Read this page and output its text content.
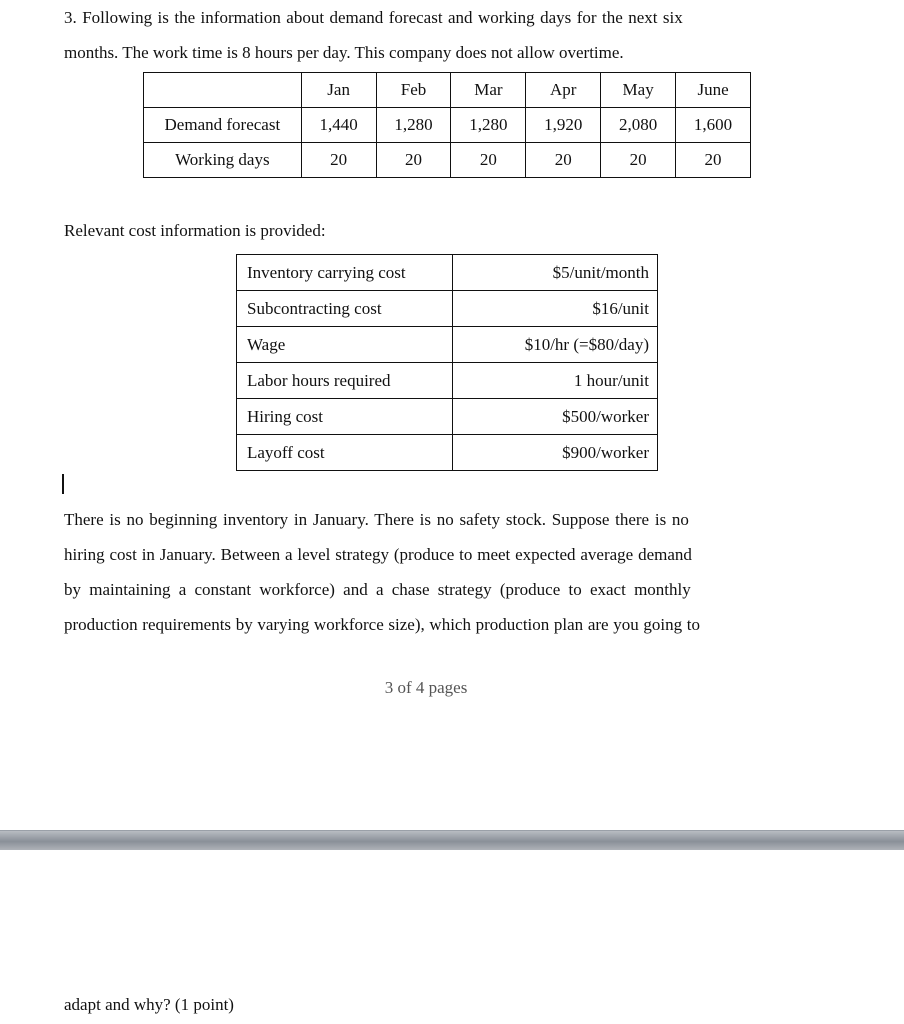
3. Following is the information about demand forecast and working days for the next six
months. The work time is 8 hours per day. This company does not allow overtime.
	Jan	Feb	Mar	Apr	May	June
Demand forecast	1,440	1,280	1,280	1,920	2,080	1,600
Working days	20	20	20	20	20	20
Relevant cost information is provided:
Inventory carrying cost	$5/unit/month
Subcontracting cost	$16/unit
Wage	$10/hr (=$80/day)
Labor hours required	1 hour/unit
Hiring cost	$500/worker
Layoff cost	$900/worker
There is no beginning inventory in January. There is no safety stock. Suppose there is no
hiring cost in January. Between a level strategy (produce to meet expected average demand
by maintaining a constant workforce) and a chase strategy (produce to exact monthly
production requirements by varying workforce size), which production plan are you going to
3 of 4 pages
adapt and why? (1 point)
